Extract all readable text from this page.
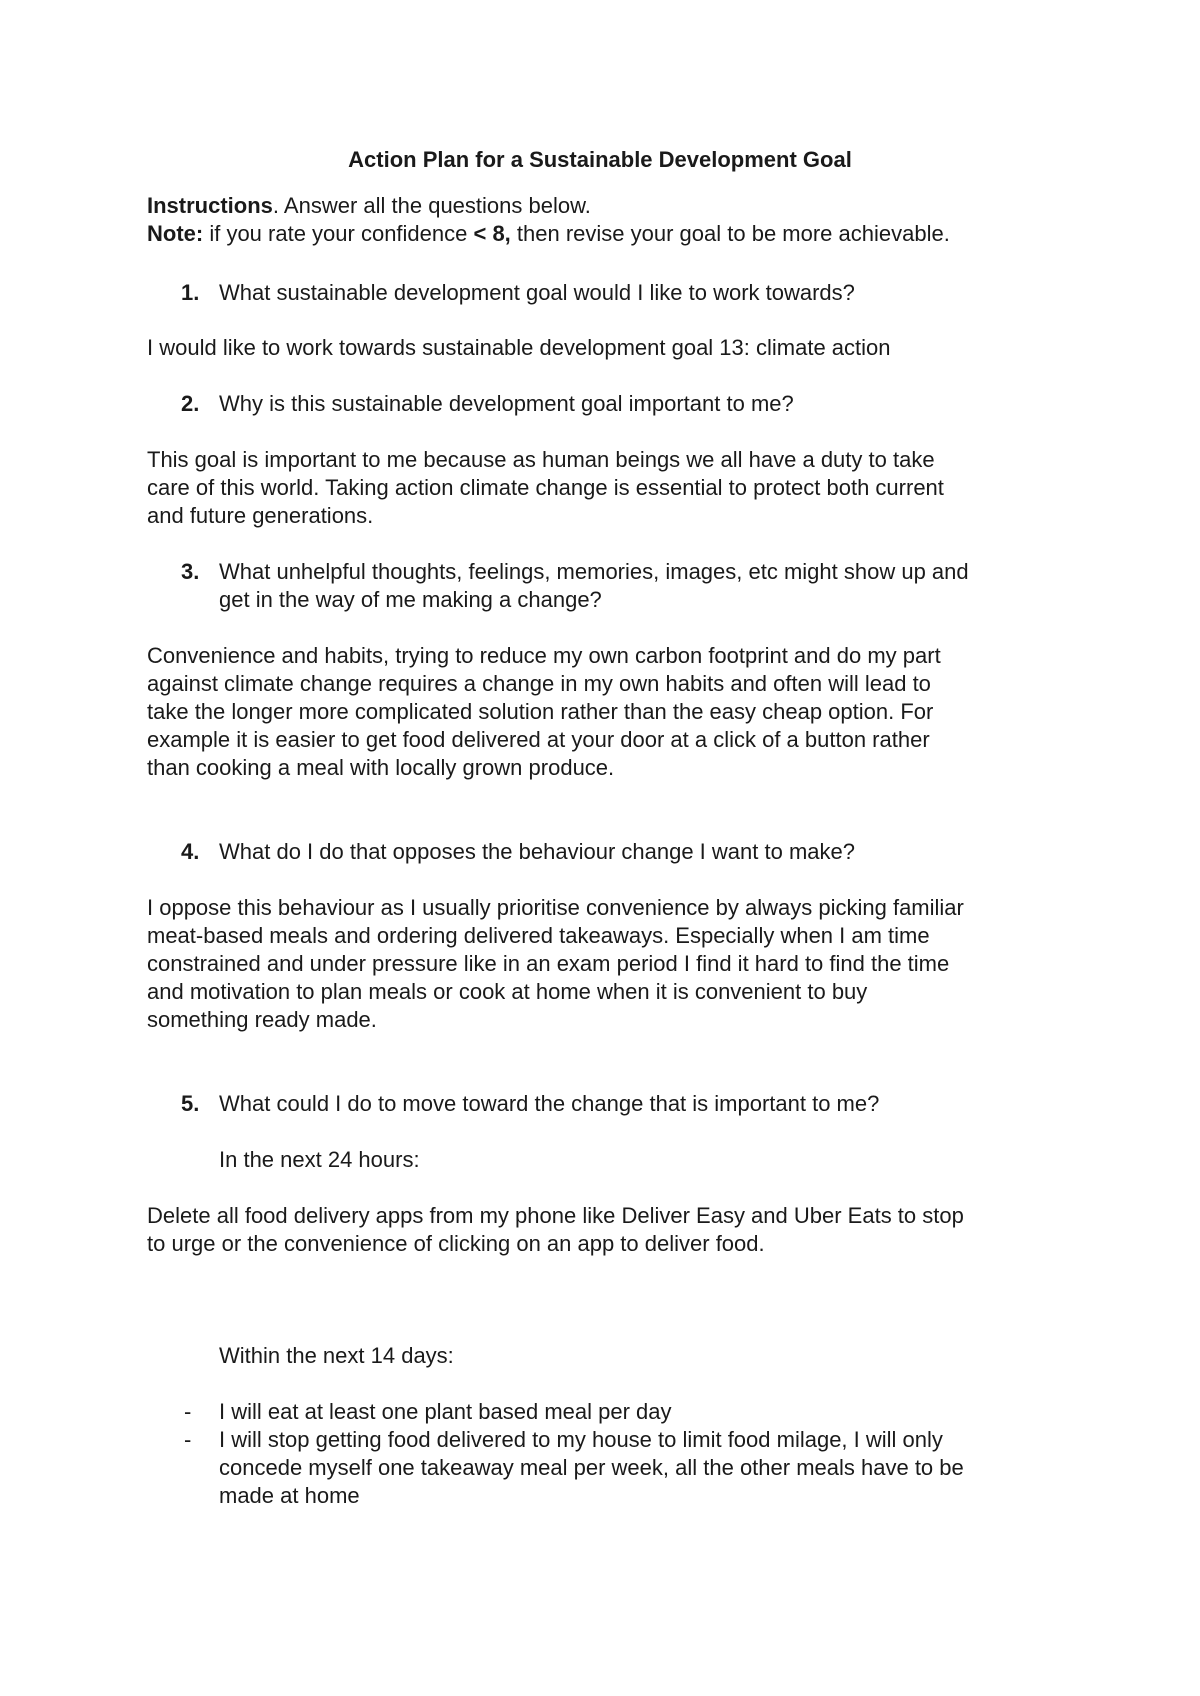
Action Plan for a Sustainable Development Goal

Instructions. Answer all the questions below.

Note: if you rate your confidence < 8, then revise your goal to be more achievable.

1. What sustainable development goal would I like to work towards?

I would like to work towards sustainable development goal 13: climate action

2. Why is this sustainable development goal important to me?

This goal is important to me because as human beings we all have a duty to take

care of this world. Taking action climate change is essential to protect both current

and future generations.

3. What unhelpful thoughts, feelings, memories, images, etc might show up and

get in the way of me making a change?

Convenience and habits, trying to reduce my own carbon footprint and do my part

against climate change requires a change in my own habits and often will lead to

take the longer more complicated solution rather than the easy cheap option. For

example it is easier to get food delivered at your door at a click of a button rather

than cooking a meal with locally grown produce.

4. What do I do that opposes the behaviour change I want to make?

I oppose this behaviour as I usually prioritise convenience by always picking familiar

meat-based meals and ordering delivered takeaways. Especially when I am time

constrained and under pressure like in an exam period I find it hard to find the time

and motivation to plan meals or cook at home when it is convenient to buy

something ready made.

5. What could I do to move toward the change that is important to me?

In the next 24 hours:

Delete all food delivery apps from my phone like Deliver Easy and Uber Eats to stop

to urge or the convenience of clicking on an app to deliver food.

Within the next 14 days:

- I will eat at least one plant based meal per day

- I will stop getting food delivered to my house to limit food milage, I will only

concede myself one takeaway meal per week, all the other meals have to be

made at home
